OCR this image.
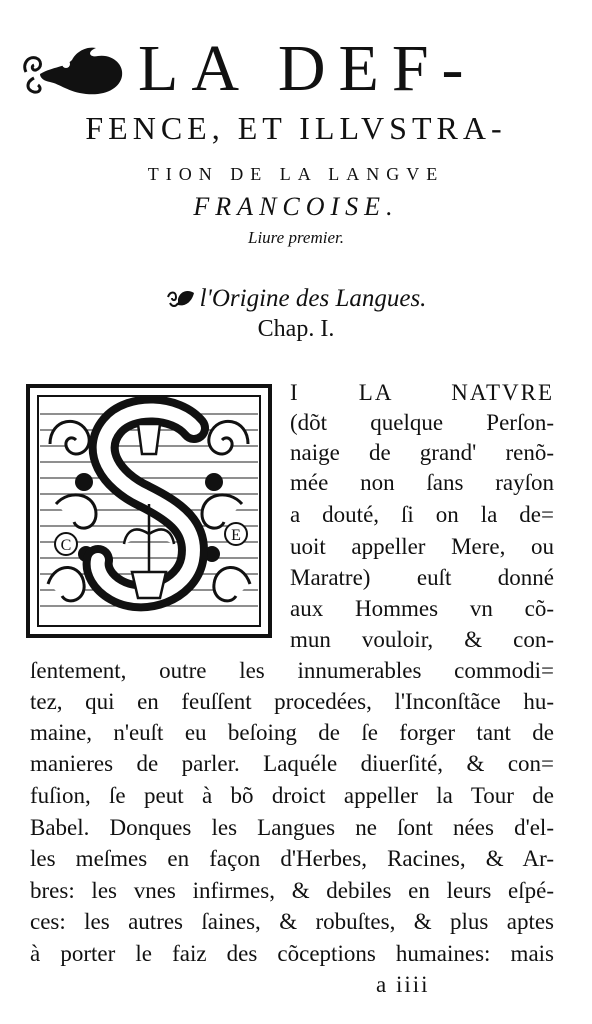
LA DEF-
FENCE, ET ILLVSTRA-
TION DE LA LANGVE
FRANCOISE.
Liure premier.
l'Origine des Langues.
Chap. I.
C
E
I LA NATVRE
(dõt quelque Perſon-
naige de grand' renõ-
mée non ſans rayſon
a douté, ſi on la de=
uoit appeller Mere, ou
Maratre) euſt donné
aux Hommes vn cõ-
mun vouloir, & con-
ſentement, outre les innumerables commodi=
tez, qui en feuſſent procedées, l'Inconſtãce hu-
maine, n'euſt eu beſoing de ſe forger tant de
manieres de parler. Laquéle diuerſité, & con=
fuſion, ſe peut à bõ droict appeller la Tour de
Babel. Donques les Langues ne ſont nées d'el-
les meſmes en façon d'Herbes, Racines, & Ar-
bres: les vnes infirmes, & debiles en leurs eſpé-
ces: les autres ſaines, & robuſtes, & plus aptes
à porter le faiz des cõceptions humaines: mais
a iiii
